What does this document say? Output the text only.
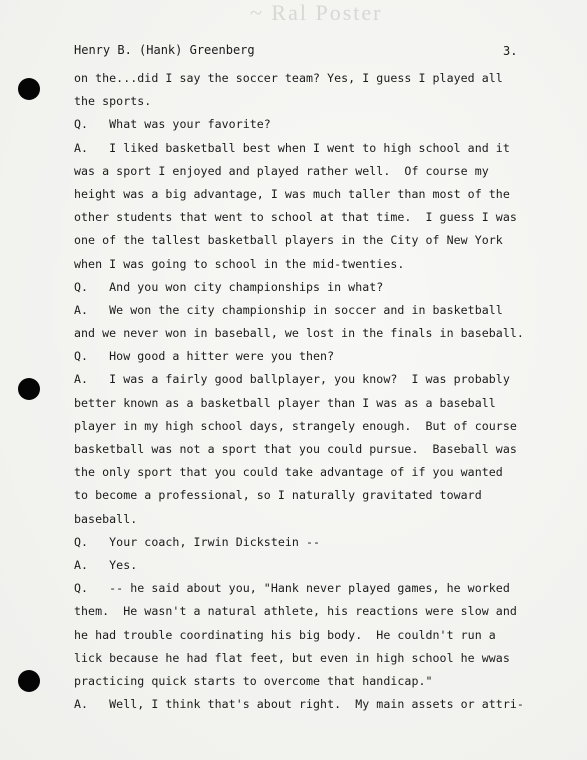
~ Ral Poster
Henry B. (Hank) Greenberg	3.
on the...did I say the soccer team? Yes, I guess I played all
the sports.
Q.   What was your favorite?
A.   I liked basketball best when I went to high school and it
was a sport I enjoyed and played rather well.  Of course my
height was a big advantage, I was much taller than most of the
other students that went to school at that time.  I guess I was
one of the tallest basketball players in the City of New York
when I was going to school in the mid-twenties.
Q.   And you won city championships in what?
A.   We won the city championship in soccer and in basketball
and we never won in baseball, we lost in the finals in baseball.
Q.   How good a hitter were you then?
A.   I was a fairly good ballplayer, you know?  I was probably
better known as a basketball player than I was as a baseball
player in my high school days, strangely enough.  But of course
basketball was not a sport that you could pursue.  Baseball was
the only sport that you could take advantage of if you wanted
to become a professional, so I naturally gravitated toward
baseball.
Q.   Your coach, Irwin Dickstein --
A.   Yes.
Q.   -- he said about you, "Hank never played games, he worked
them.  He wasn't a natural athlete, his reactions were slow and
he had trouble coordinating his big body.  He couldn't run a
lick because he had flat feet, but even in high school he wwas
practicing quick starts to overcome that handicap."
A.   Well, I think that's about right.  My main assets or attri-
